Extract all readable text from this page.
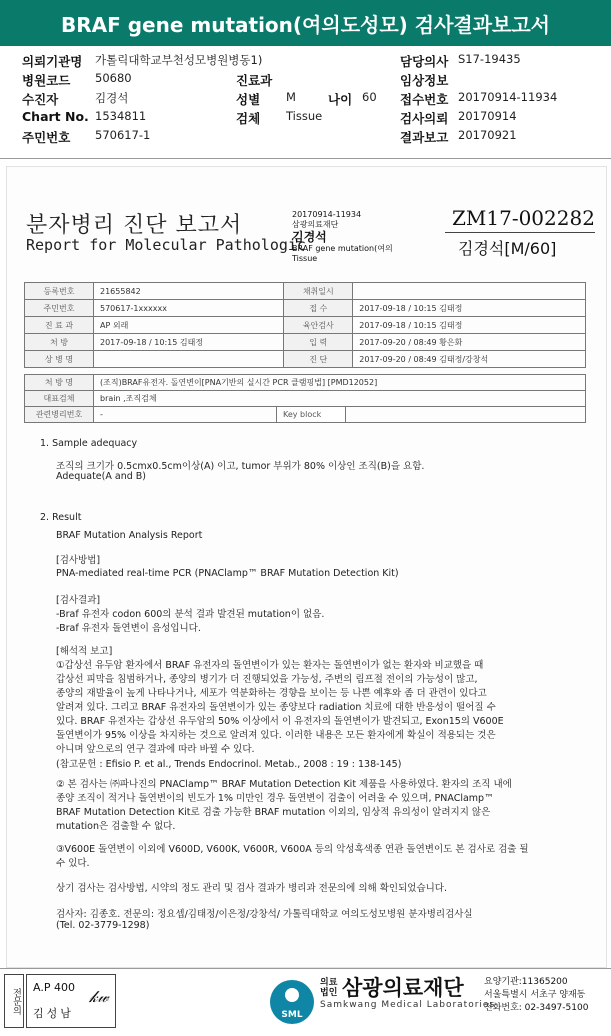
BRAF gene mutation(여의도성모) 검사결과보고서
의뢰기관명 가톨릭대학교부천성모병원병동1)	담당의사 S17-19435
병원코드 50680	진료과	임상정보
수진자	김경석	성별 M	나이 60 접수번호 20170914-11934
Chart No. 1534811	검체 Tissue	검사의뢰 20170914
주민번호 570617-1	결과보고 20170921
분자병리 진단 보고서
Report for Molecular Pathologic
20170914-11934
삼광의료재단
김경석
BRAF gene mutation(여의
Tissue
ZM17-002282
김경석[M/60]
등록번호	21655842	채취일시	
주민번호	570617-1xxxxxx	접 수	2017-09-18 / 10:15 김태정
진 료 과	AP 외래	육안검사	2017-09-18 / 10:15 김태정
처 방	2017-09-18 / 10:15 김태정	입 력	2017-09-20 / 08:49 황은화
상 병 명		진 단	2017-09-20 / 08:49 김태정/강창석
처 방 명	(조직)BRAF유전자. 돌연변이[PNA기반의 실시간 PCR 클램핑법] [PMD12052]		
대표검체	brain ,조직검체		
관련병리번호	-	Key block	
1. Sample adequacy
조직의 크기가 0.5cmx0.5cm이상(A) 이고, tumor 부위가 80% 이상인 조직(B)을 요함.
Adequate(A and B)
2. Result
BRAF Mutation Analysis Report
[검사방법]
PNA-mediated real-time PCR (PNAClamp™ BRAF Mutation Detection Kit)
[검사결과]
-Braf 유전자 codon 600의 분석 결과 발견된 mutation이 없음.
-Braf 유전자 돌연변이 음성입니다.
[해석적 보고]
①갑상선 유두암 환자에서 BRAF 유전자의 돌연변이가 있는 환자는 돌연변이가 없는 환자와 비교했을 때
갑상선 피막을 침범하거나, 종양의 병기가 더 진행되었을 가능성, 주변의 림프절 전이의 가능성이 많고,
종양의 재발율이 높게 나타나거나, 세포가 역분화하는 경향을 보이는 등 나쁜 예후와 좀 더 관련이 있다고
알려져 있다. 그리고 BRAF 유전자의 돌연변이가 있는 종양보다 radiation 치료에 대한 반응성이 떨어질 수
있다. BRAF 유전자는 갑상선 유두암의 50% 이상에서 이 유전자의 돌연변이가 발견되고, Exon15의 V600E
돌연변이가 95% 이상을 차지하는 것으로 알려져 있다. 이러한 내용은 모든 환자에게 확실이 적용되는 것은
아니며 앞으로의 연구 결과에 따라 바뀔 수 있다.
(참고문헌 : Efisio P. et al., Trends Endocrinol. Metab., 2008 : 19 : 138-145)
② 본 검사는 ㈜파나진의 PNAClamp™ BRAF Mutation Detection Kit 제품을 사용하였다. 환자의 조직 내에
종양 조직이 적거나 돌연변이의 빈도가 1% 미만인 경우 돌연변이 검출이 어려울 수 있으며, PNAClamp™
BRAF Mutation Detection Kit로 검출 가능한 BRAF mutation 이외의, 임상적 유의성이 알려지지 않은
mutation은 검출할 수 없다.
③V600E 돌연변이 이외에 V600D, V600K, V600R, V600A 등의 악성흑색종 연관 돌연변이도 본 검사로 검출 될
수 있다.
상기 검사는 검사방법, 시약의 정도 관리 및 검사 결과가 병리과 전문의에 의해 확인되었습니다.
검사자: 김종호. 전문의: 정요셉/김태정/이은정/강창석/ 가톨릭대학교 여의도성모병원 분자병리검사실
(Tel. 02-3779-1298)
전문의 A.P 400
김성남
𝓀𝓌
SML
의료
법인 삼광의료재단
Samkwang Medical Laboratories
요양기관:11365200
서울특별시 서초구 양재동
전화번호: 02-3497-5100
